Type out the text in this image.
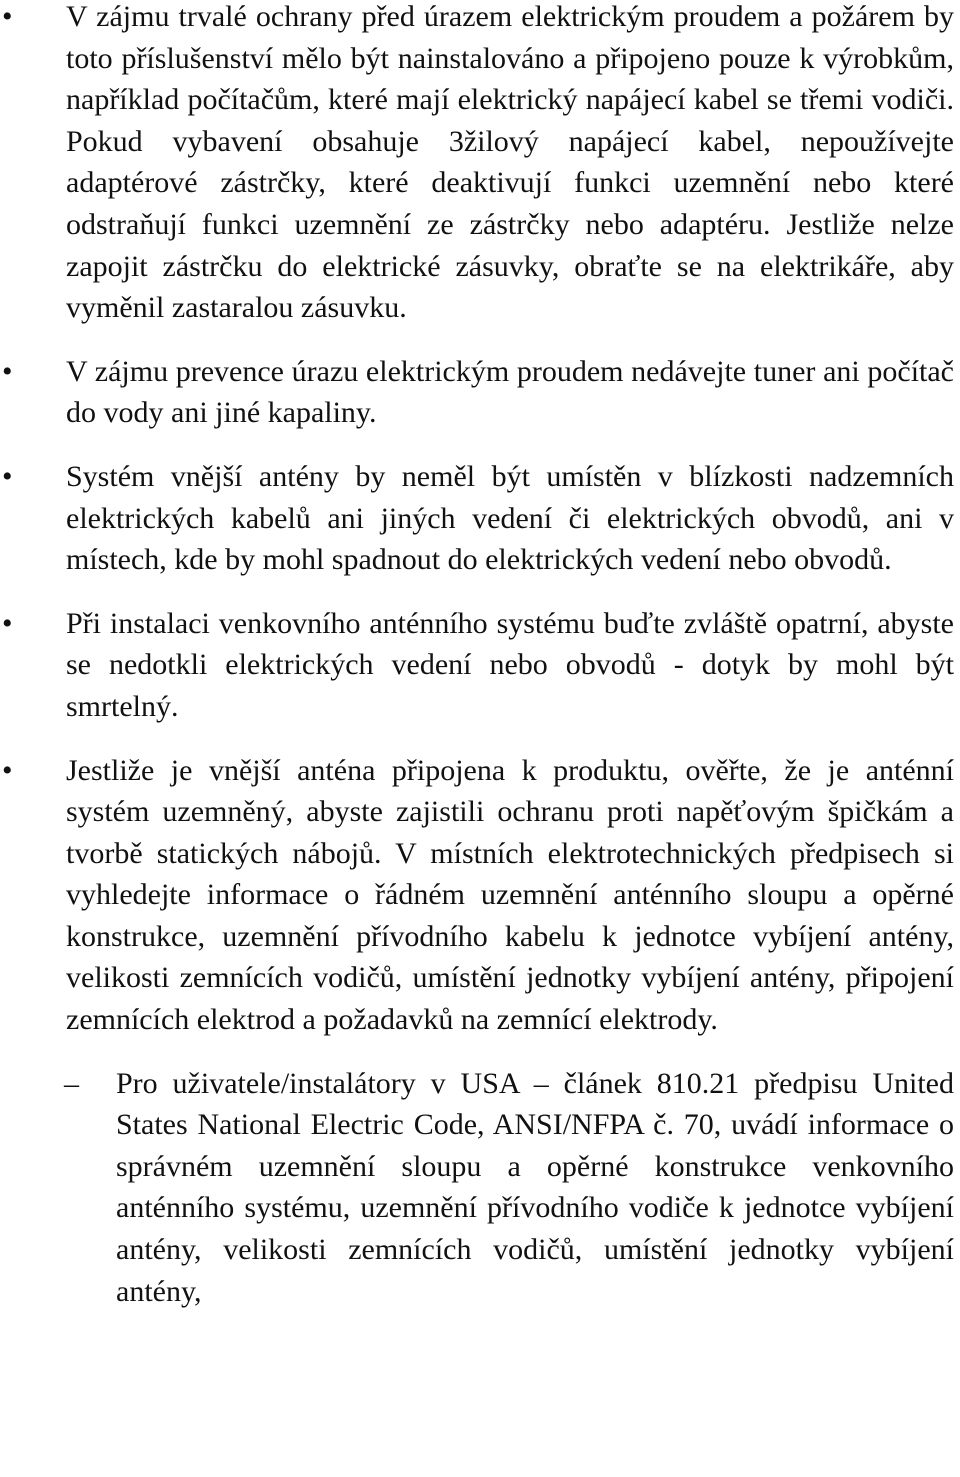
• V zájmu trvalé ochrany před úrazem elektrickým proudem a požárem by toto příslušenství mělo být nainstalováno a připojeno pouze k výrobkům, například počítačům, které mají elektrický napájecí kabel se třemi vodiči. Pokud vybavení obsahuje 3žilový napájecí kabel, nepoužívejte adaptérové zástrčky, které deaktivují funkci uzemnění nebo které odstraňují funkci uzemnění ze zástrčky nebo adaptéru. Jestliže nelze zapojit zástrčku do elektrické zásuvky, obraťte se na elektrikáře, aby vyměnil zastaralou zásuvku.
• V zájmu prevence úrazu elektrickým proudem nedávejte tuner ani počítač do vody ani jiné kapaliny.
• Systém vnější antény by neměl být umístěn v blízkosti nadzemních elektrických kabelů ani jiných vedení či elektrických obvodů, ani v místech, kde by mohl spadnout do elektrických vedení nebo obvodů.
• Při instalaci venkovního anténního systému buďte zvláště opatrní, abyste se nedotkli elektrických vedení nebo obvodů - dotyk by mohl být smrtelný.
• Jestliže je vnější anténa připojena k produktu, ověřte, že je anténní systém uzemněný, abyste zajistili ochranu proti napěťovým špičkám a tvorbě statických nábojů. V místních elektrotechnických předpisech si vyhledejte informace o řádném uzemnění anténního sloupu a opěrné konstrukce, uzemnění přívodního kabelu k jednotce vybíjení antény, velikosti zemnících vodičů, umístění jednotky vybíjení antény, připojení zemnících elektrod a požadavků na zemnící elektrody.
– Pro uživatele/instalátory v USA – článek 810.21 předpisu United States National Electric Code, ANSI/NFPA č. 70, uvádí informace o správném uzemnění sloupu a opěrné konstrukce venkovního anténního systému, uzemnění přívodního vodiče k jednotce vybíjení antény, velikosti zemnících vodičů, umístění jednotky vybíjení antény,
